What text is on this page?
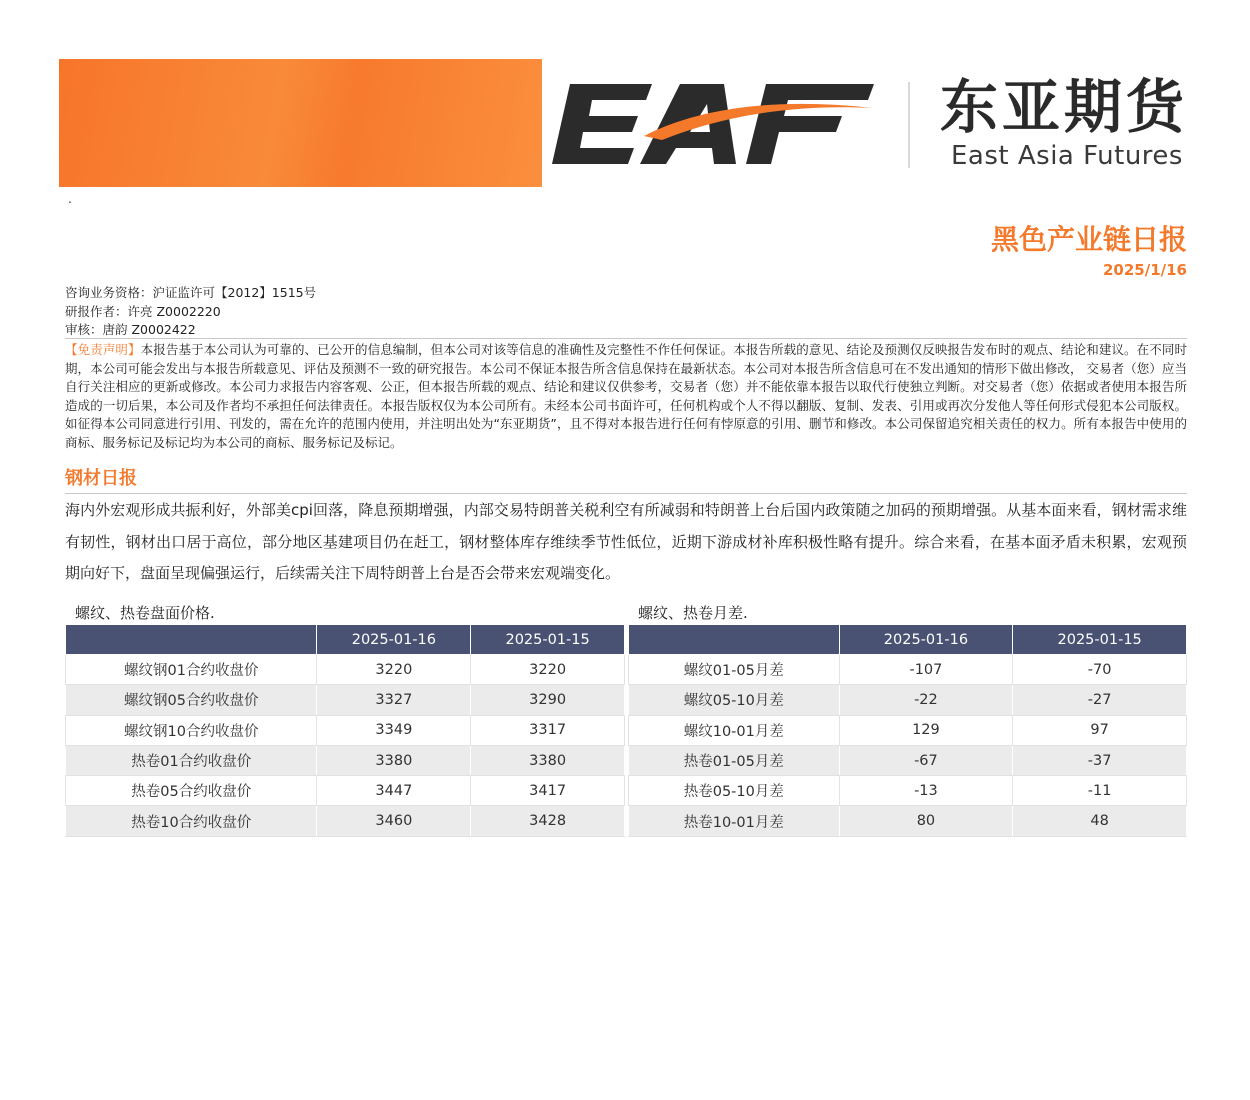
.
东亚期货
East Asia Futures
黑色产业链日报
2025/1/16
咨询业务资格：沪证监许可【2012】1515号
研报作者：许亮 Z0002220
审核：唐韵 Z0002422
【免责声明】本报告基于本公司认为可靠的、已公开的信息编制，但本公司对该等信息的准确性及完整性不作任何保证。本报告所载的意见、结论及预测仅反映报告发布时的观点、结论和建议。在不同时期，本公司可能会发出与本报告所载意见、评估及预测不一致的研究报告。本公司不保证本报告所含信息保持在最新状态。本公司对本报告所含信息可在不发出通知的情形下做出修改， 交易者（您）应当自行关注相应的更新或修改。本公司力求报告内容客观、公正，但本报告所载的观点、结论和建议仅供参考，交易者（您）并不能依靠本报告以取代行使独立判断。对交易者（您）依据或者使用本报告所造成的一切后果，本公司及作者均不承担任何法律责任。本报告版权仅为本公司所有。未经本公司书面许可，任何机构或个人不得以翻版、复制、发表、引用或再次分发他人等任何形式侵犯本公司版权。如征得本公司同意进行引用、刊发的，需在允许的范围内使用，并注明出处为“东亚期货”，且不得对本报告进行任何有悖原意的引用、删节和修改。本公司保留追究相关责任的权力。所有本报告中使用的商标、服务标记及标记均为本公司的商标、服务标记及标记。
钢材日报
海内外宏观形成共振利好，外部美cpi回落，降息预期增强，内部交易特朗普关税利空有所减弱和特朗普上台后国内政策随之加码的预期增强。从基本面来看，钢材需求维有韧性，钢材出口居于高位，部分地区基建项目仍在赶工，钢材整体库存维续季节性低位，近期下游成材补库积极性略有提升。综合来看，在基本面矛盾未积累，宏观预期向好下，盘面呈现偏强运行，后续需关注下周特朗普上台是否会带来宏观端变化。
螺纹、热卷盘面价格.	螺纹、热卷月差.
	2025-01-16	2025-01-15
螺纹钢01合约收盘价	3220	3220
螺纹钢05合约收盘价	3327	3290
螺纹钢10合约收盘价	3349	3317
热卷01合约收盘价	3380	3380
热卷05合约收盘价	3447	3417
热卷10合约收盘价	3460	3428
	2025-01-16	2025-01-15
螺纹01-05月差	-107	-70
螺纹05-10月差	-22	-27
螺纹10-01月差	129	97
热卷01-05月差	-67	-37
热卷05-10月差	-13	-11
热卷10-01月差	80	48
